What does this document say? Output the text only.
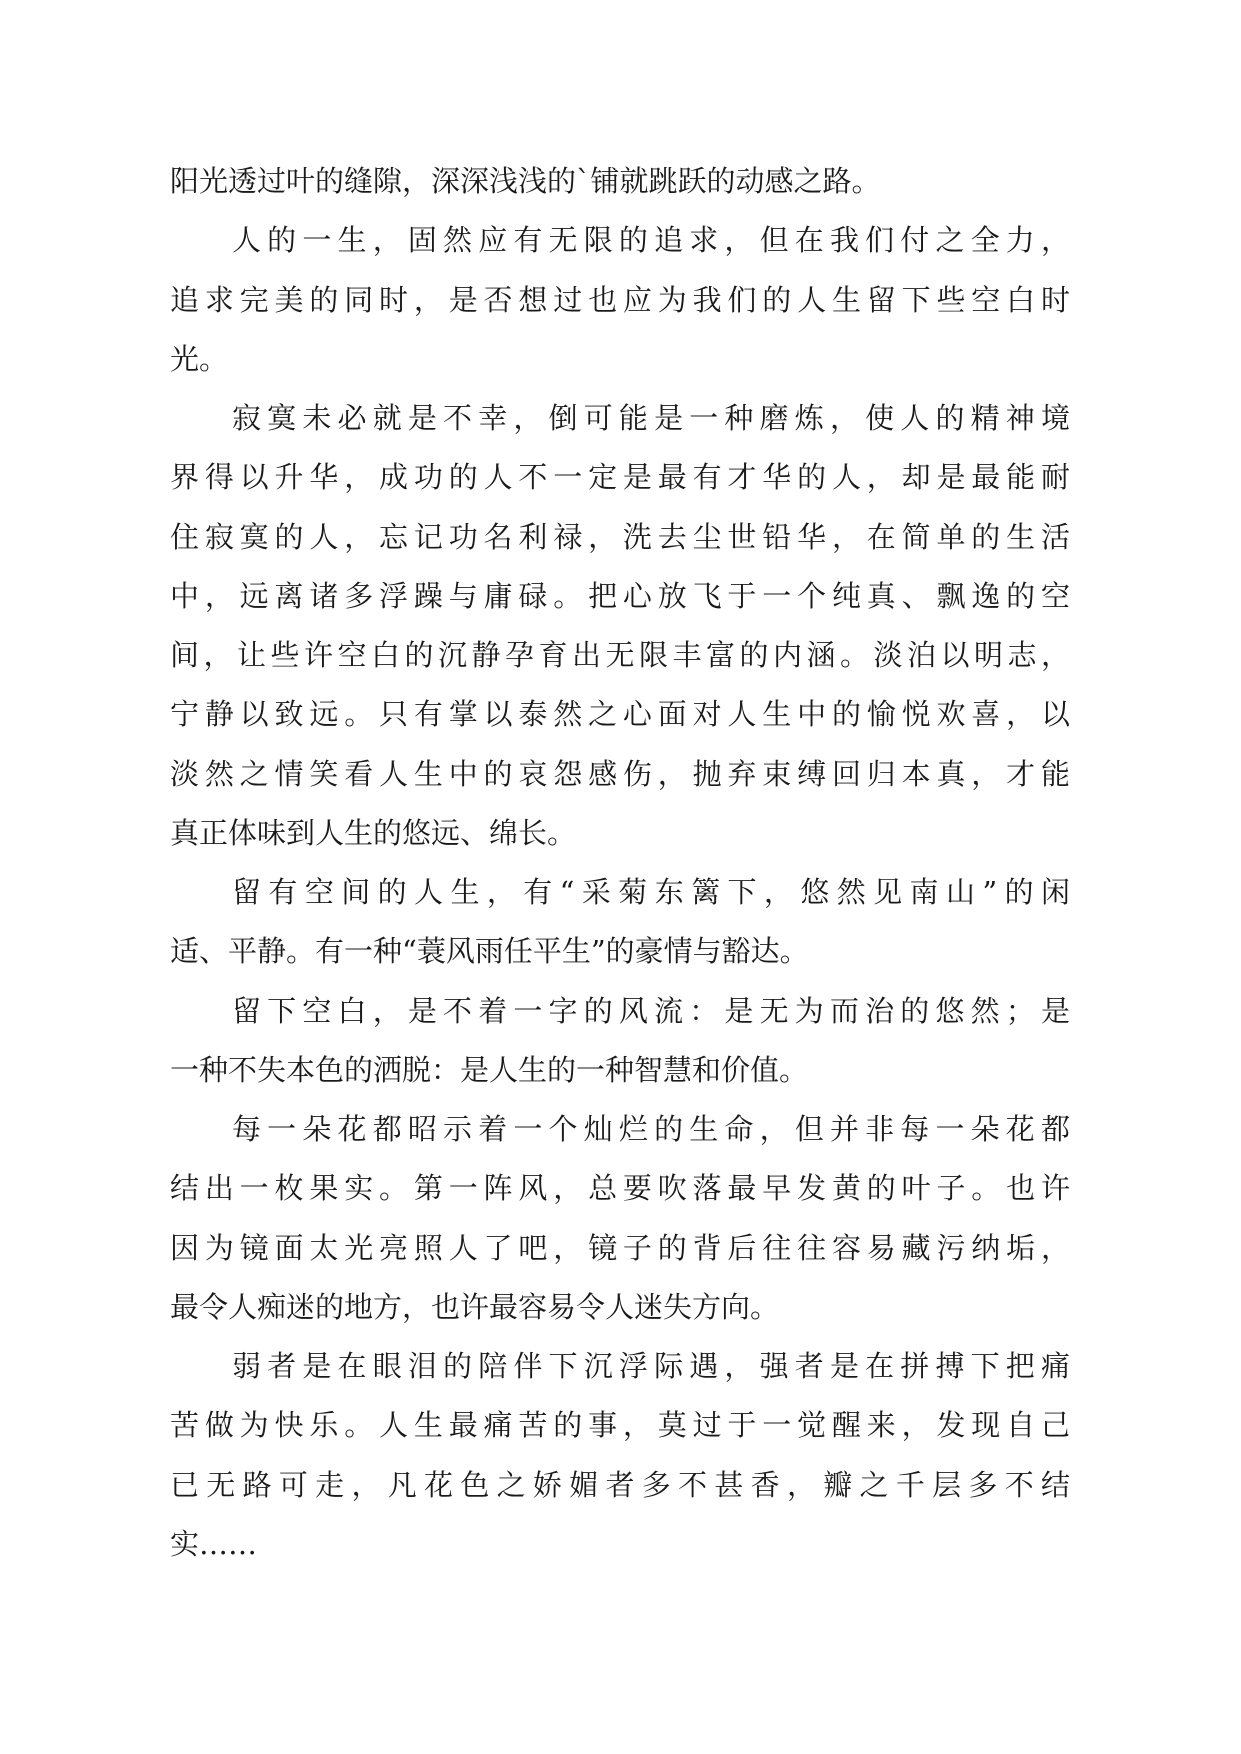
阳光透过叶的缝隙，深深浅浅的`铺就跳跃的动感之路。
人的一生，固然应有无限的追求，但在我们付之全力，
追求完美的同时，是否想过也应为我们的人生留下些空白时
光。
寂寞未必就是不幸，倒可能是一种磨炼，使人的精神境
界得以升华，成功的人不一定是最有才华的人，却是最能耐
住寂寞的人，忘记功名利禄，洗去尘世铅华，在简单的生活
中，远离诸多浮躁与庸碌。把心放飞于一个纯真、飘逸的空
间，让些许空白的沉静孕育出无限丰富的内涵。淡泊以明志，
宁静以致远。只有掌以泰然之心面对人生中的愉悦欢喜，以
淡然之情笑看人生中的哀怨感伤，抛弃束缚回归本真，才能
真正体味到人生的悠远、绵长。
留有空间的人生，有“采菊东篱下，悠然见南山”的闲
适、平静。有一种“蓑风雨任平生”的豪情与豁达。
留下空白，是不着一字的风流：是无为而治的悠然；是
一种不失本色的洒脱：是人生的一种智慧和价值。
每一朵花都昭示着一个灿烂的生命，但并非每一朵花都
结出一枚果实。第一阵风，总要吹落最早发黄的叶子。也许
因为镜面太光亮照人了吧，镜子的背后往往容易藏污纳垢，
最令人痴迷的地方，也许最容易令人迷失方向。
弱者是在眼泪的陪伴下沉浮际遇，强者是在拼搏下把痛
苦做为快乐。人生最痛苦的事，莫过于一觉醒来，发现自己
已无路可走，凡花色之娇媚者多不甚香，瓣之千层多不结
实……
